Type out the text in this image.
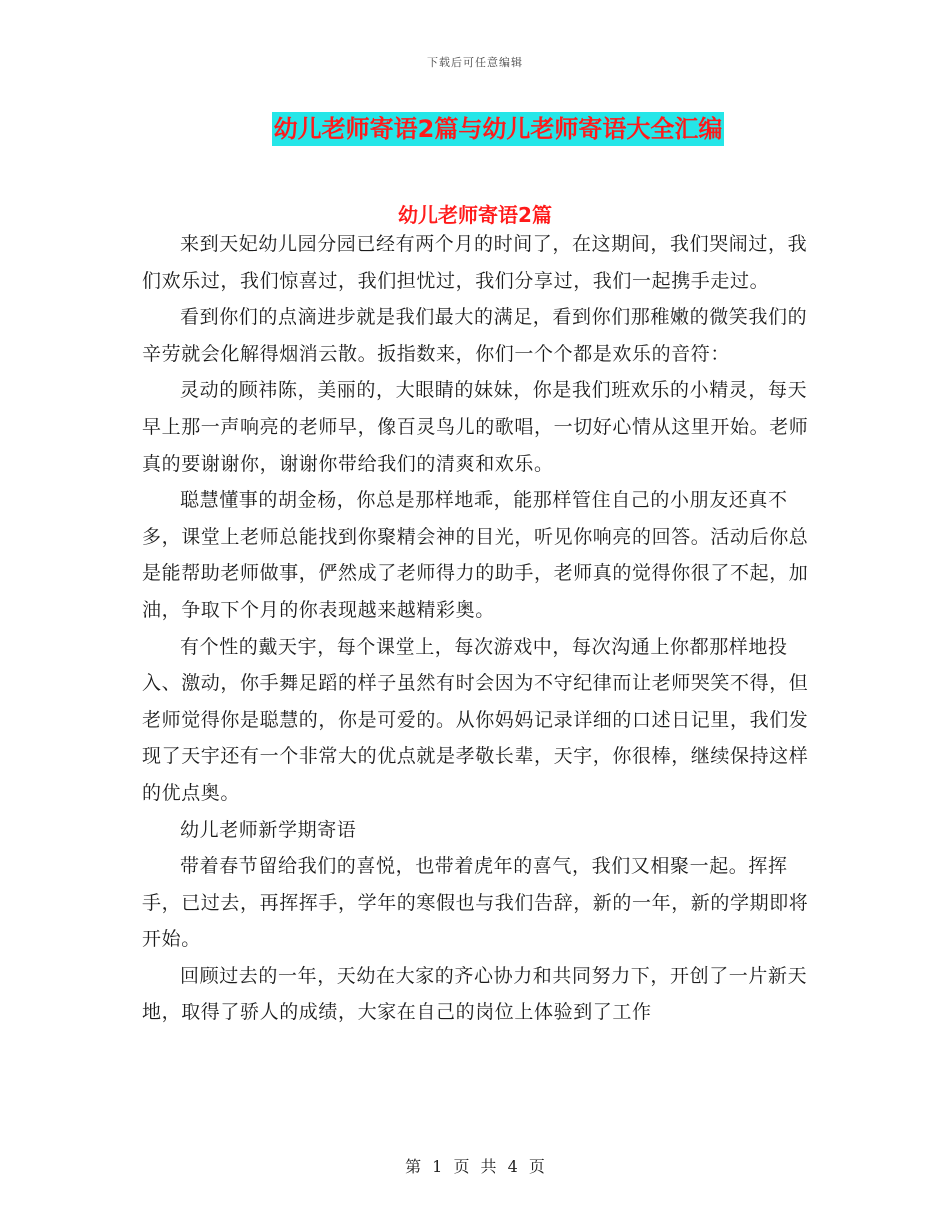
下载后可任意编辑
幼儿老师寄语2篇与幼儿老师寄语大全汇编
幼儿老师寄语2篇

来到天妃幼儿园分园已经有两个月的时间了，在这期间，我们哭闹过，我们欢乐过，我们惊喜过，我们担忧过，我们分享过，我们一起携手走过。

看到你们的点滴进步就是我们最大的满足，看到你们那稚嫩的微笑我们的辛劳就会化解得烟消云散。扳指数来，你们一个个都是欢乐的音符：

灵动的顾祎陈，美丽的，大眼睛的妹妹，你是我们班欢乐的小精灵，每天早上那一声响亮的老师早，像百灵鸟儿的歌唱，一切好心情从这里开始。老师真的要谢谢你，谢谢你带给我们的清爽和欢乐。

聪慧懂事的胡金杨，你总是那样地乖，能那样管住自己的小朋友还真不多，课堂上老师总能找到你聚精会神的目光，听见你响亮的回答。活动后你总是能帮助老师做事，俨然成了老师得力的助手，老师真的觉得你很了不起，加油，争取下个月的你表现越来越精彩奥。

有个性的戴天宇，每个课堂上，每次游戏中，每次沟通上你都那样地投入、激动，你手舞足蹈的样子虽然有时会因为不守纪律而让老师哭笑不得，但老师觉得你是聪慧的，你是可爱的。从你妈妈记录详细的口述日记里，我们发现了天宇还有一个非常大的优点就是孝敬长辈，天宇，你很棒，继续保持这样的优点奥。

幼儿老师新学期寄语

带着春节留给我们的喜悦，也带着虎年的喜气，我们又相聚一起。挥挥手，已过去，再挥挥手，学年的寒假也与我们告辞，新的一年，新的学期即将开始。

回顾过去的一年，天幼在大家的齐心协力和共同努力下，开创了一片新天地，取得了骄人的成绩，大家在自己的岗位上体验到了工作

第 1 页 共 4 页
